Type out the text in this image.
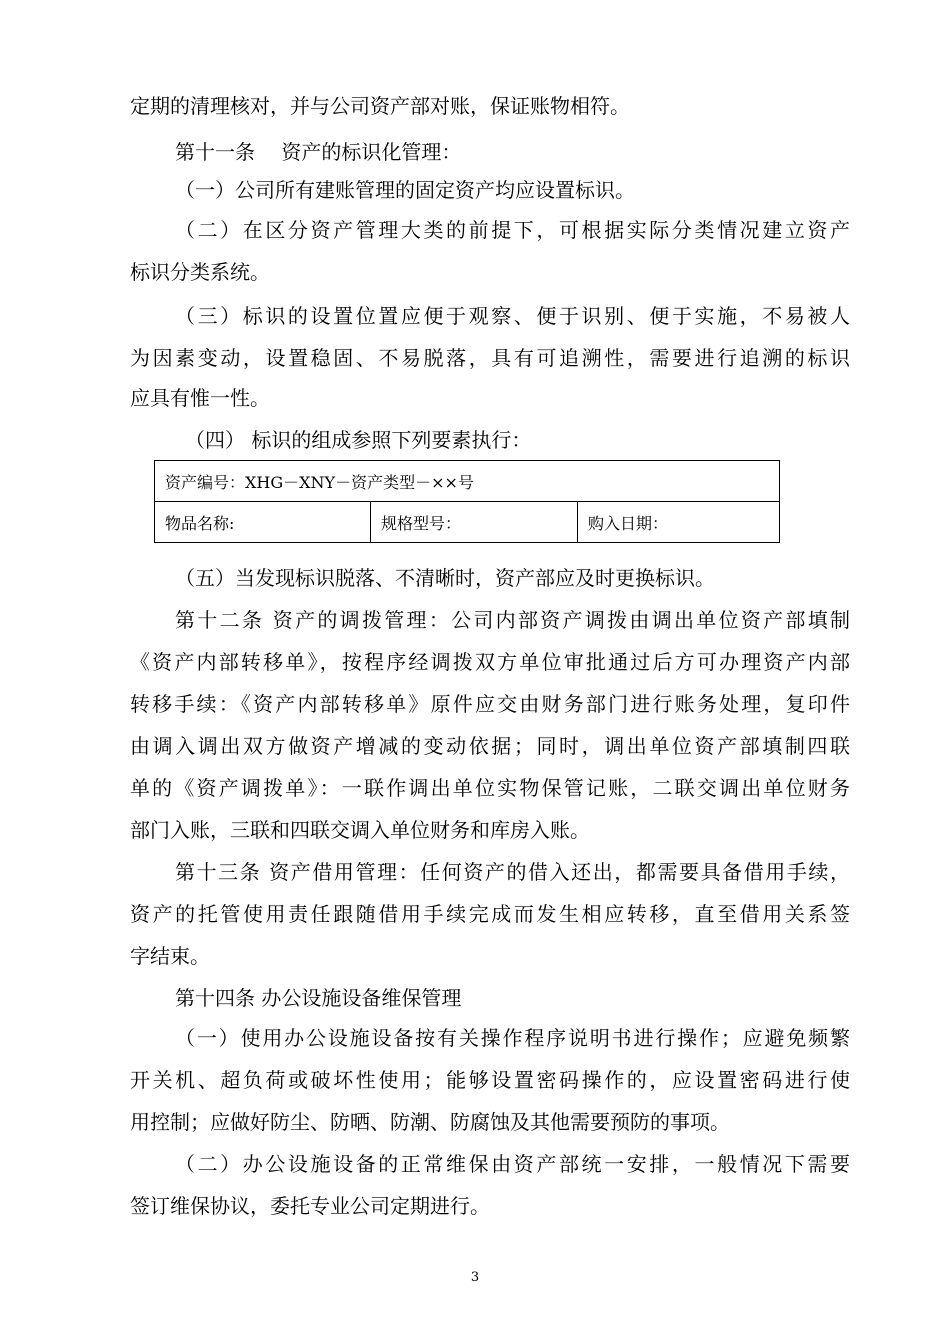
定期的清理核对，并与公司资产部对账，保证账物相符。
第十一条　 资产的标识化管理：
（一）公司所有建账管理的固定资产均应设置标识。
（二）在区分资产管理大类的前提下，可根据实际分类情况建立资产
标识分类系统。
（三）标识的设置位置应便于观察、便于识别、便于实施，不易被人
为因素变动，设置稳固、不易脱落，具有可追溯性，需要进行追溯的标识
应具有惟一性。
（四） 标识的组成参照下列要素执行：
资产编号：XHG－XNY－资产类型－××号
物品名称:	规格型号：	购入日期：
（五）当发现标识脱落、不清晰时，资产部应及时更换标识。
第十二条 资产的调拨管理：公司内部资产调拨由调出单位资产部填制
《资产内部转移单》，按程序经调拨双方单位审批通过后方可办理资产内部
转移手续：《资产内部转移单》原件应交由财务部门进行账务处理，复印件
由调入调出双方做资产增减的变动依据；同时，调出单位资产部填制四联
单的《资产调拨单》：一联作调出单位实物保管记账，二联交调出单位财务
部门入账，三联和四联交调入单位财务和库房入账。
第十三条 资产借用管理：任何资产的借入还出，都需要具备借用手续，
资产的托管使用责任跟随借用手续完成而发生相应转移，直至借用关系签
字结束。
第十四条 办公设施设备维保管理
（一）使用办公设施设备按有关操作程序说明书进行操作；应避免频繁
开关机、超负荷或破坏性使用；能够设置密码操作的，应设置密码进行使
用控制；应做好防尘、防晒、防潮、防腐蚀及其他需要预防的事项。
（二）办公设施设备的正常维保由资产部统一安排，一般情况下需要
签订维保协议，委托专业公司定期进行。
3
